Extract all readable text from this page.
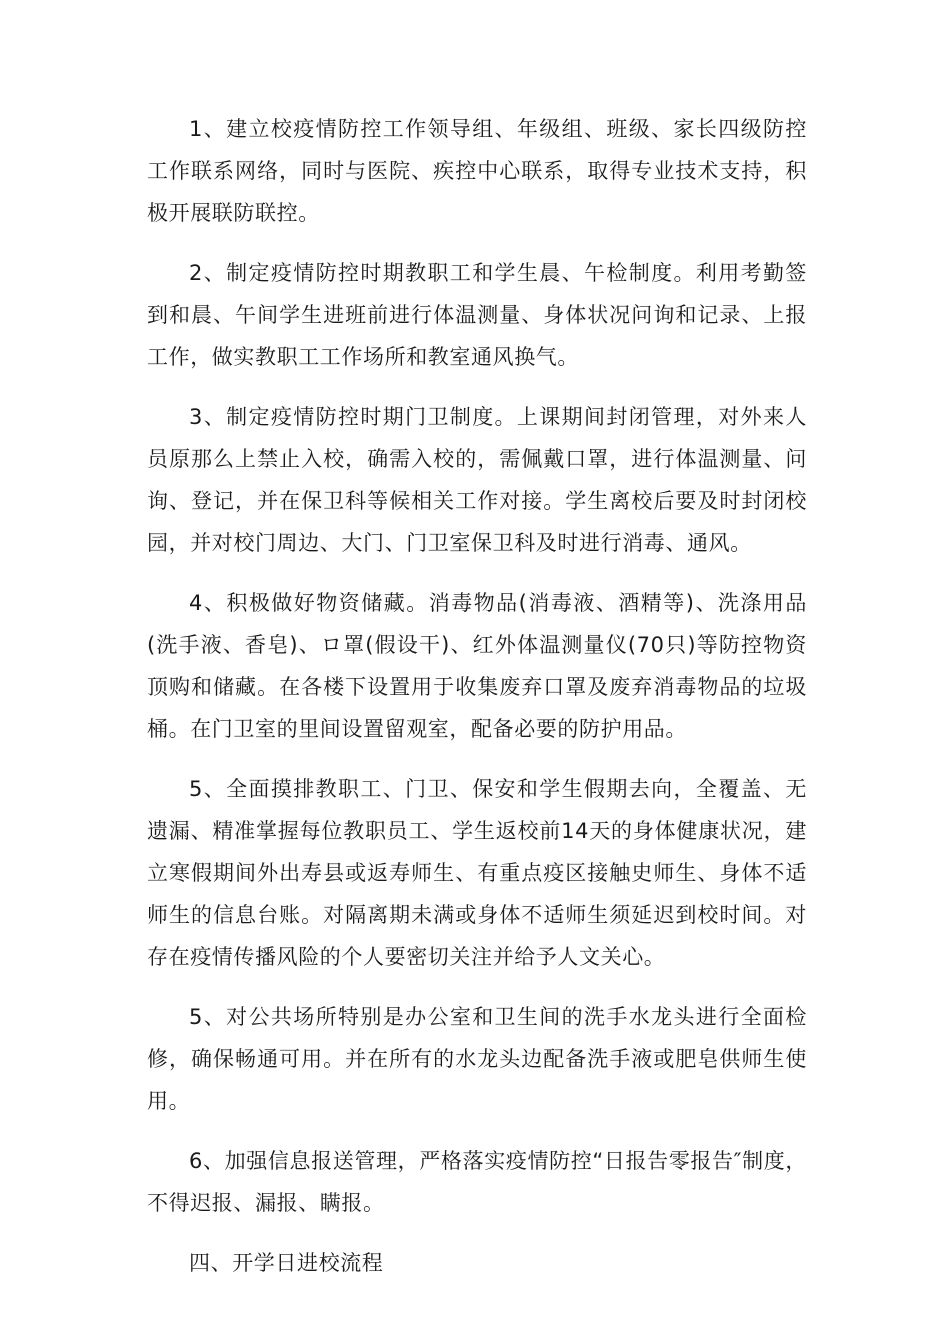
1、建立校疫情防控工作领导组、年级组、班级、家长四级防控工作联系网络，同时与医院、疾控中心联系，取得专业技术支持，积极开展联防联控。

2、制定疫情防控时期教职工和学生晨、午检制度。利用考勤签到和晨、午间学生进班前进行体温测量、身体状况问询和记录、上报工作，做实教职工工作场所和教室通风换气。

3、制定疫情防控时期门卫制度。上课期间封闭管理，对外来人员原那么上禁止入校，确需入校的，需佩戴口罩，进行体温测量、问询、登记，并在保卫科等候相关工作对接。学生离校后要及时封闭校园，并对校门周边、大门、门卫室保卫科及时进行消毒、通风。

4、积极做好物资储藏。消毒物品(消毒液、酒精等)、洗涤用品(洗手液、香皂)、ロ罩(假设干)、红外体温测量仪(70只)等防控物资顶购和储藏。在各楼下设置用于收集废弃口罩及废弃消毒物品的垃圾桶。在门卫室的里间设置留观室，配备必要的防护用品。

5、全面摸排教职工、门卫、保安和学生假期去向，全覆盖、无遗漏、精准掌握每位教职员工、学生返校前14天的身体健康状况，建立寒假期间外出寿县或返寿师生、有重点疫区接触史师生、身体不适师生的信息台账。对隔离期未满或身体不适师生须延迟到校时间。对存在疫情传播风险的个人要密切关注并给予人文关心。

5、对公共场所特别是办公室和卫生间的洗手水龙头进行全面检修，确保畅通可用。并在所有的水龙头边配备洗手液或肥皂供师生使用。

6、加强信息报送管理，严格落实疫情防控“日报告零报告″制度，不得迟报、漏报、瞒报。

四、开学日进校流程
